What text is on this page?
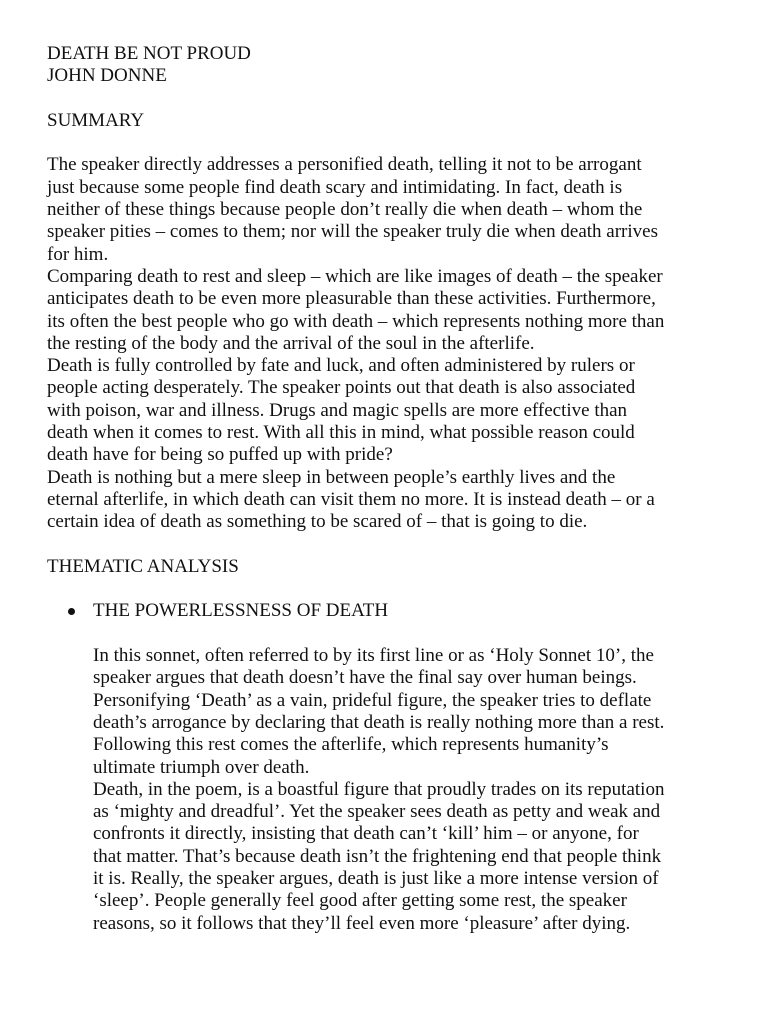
DEATH BE NOT PROUD
JOHN DONNE
SUMMARY
The speaker directly addresses a personified death, telling it not to be arrogant
just because some people find death scary and intimidating. In fact, death is
neither of these things because people don’t really die when death – whom the
speaker pities – comes to them; nor will the speaker truly die when death arrives
for him.
Comparing death to rest and sleep – which are like images of death – the speaker
anticipates death to be even more pleasurable than these activities. Furthermore,
its often the best people who go with death – which represents nothing more than
the resting of the body and the arrival of the soul in the afterlife.
Death is fully controlled by fate and luck, and often administered by rulers or
people acting desperately. The speaker points out that death is also associated
with poison, war and illness. Drugs and magic spells are more effective than
death when it comes to rest. With all this in mind, what possible reason could
death have for being so puffed up with pride?
Death is nothing but a mere sleep in between people’s earthly lives and the
eternal afterlife, in which death can visit them no more. It is instead death – or a
certain idea of death as something to be scared of – that is going to die.
THEMATIC ANALYSIS
THE POWERLESSNESS OF DEATH
In this sonnet, often referred to by its first line or as ‘Holy Sonnet 10’, the
speaker argues that death doesn’t have the final say over human beings.
Personifying ‘Death’ as a vain, prideful figure, the speaker tries to deflate
death’s arrogance by declaring that death is really nothing more than a rest.
Following this rest comes the afterlife, which represents humanity’s
ultimate triumph over death.
Death, in the poem, is a boastful figure that proudly trades on its reputation
as ‘mighty and dreadful’. Yet the speaker sees death as petty and weak and
confronts it directly, insisting that death can’t ‘kill’ him – or anyone, for
that matter. That’s because death isn’t the frightening end that people think
it is. Really, the speaker argues, death is just like a more intense version of
‘sleep’. People generally feel good after getting some rest, the speaker
reasons, so it follows that they’ll feel even more ‘pleasure’ after dying.
